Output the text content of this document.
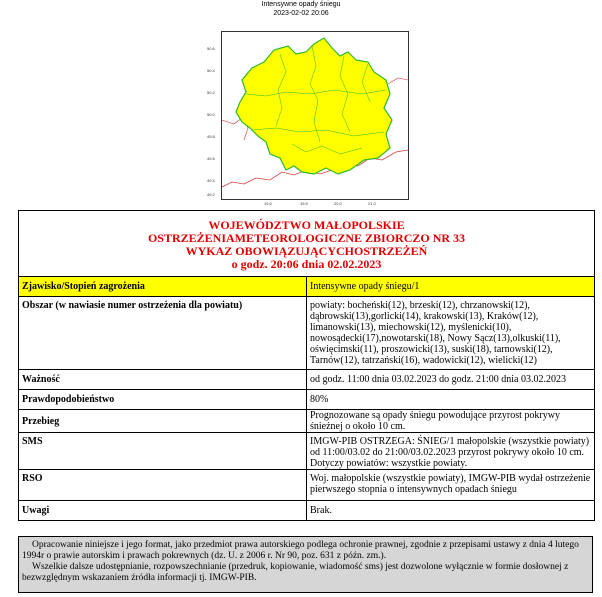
Intensywne opady śniegu
2023-02-02 20:06
50.6
50.4
50.2
50.0
49.8
49.6
49.4
49.2
19.0	19.5	20.0	21.0
WOJEWÓDZTWO MAŁOPOLSKIE
OSTRZEŻENIAMETEOROLOGICZNE ZBIORCZO NR 33
WYKAZ OBOWIĄZUJĄCYCHOSTRZEŻEŃ
o godz. 20:06 dnia 02.02.2023	

Zjawisko/Stopień zagrożenia	Intensywne opady śniegu/1
Obszar (w nawiasie numer ostrzeżenia dla powiatu)	powiaty: bocheński(12), brzeski(12), chrzanowski(12), dąbrowski(13),gorlicki(14), krakowski(13), Kraków(12), limanowski(13), miechowski(12), myślenicki(10), nowosądecki(17),nowotarski(18), Nowy Sącz(13),olkuski(11), oświęcimski(11), proszowicki(13), suski(18), tarnowski(12), Tarnów(12), tatrzański(16), wadowicki(12), wielicki(12)
Ważność	od godz. 11:00 dnia 03.02.2023 do godz. 21:00 dnia 03.02.2023
Prawdopodobieństwo	80%
Przebieg	Prognozowane są opady śniegu powodujące przyrost pokrywy śnieżnej o około 10 cm.
SMS	IMGW-PIB OSTRZEGA: ŚNIEG/1 małopolskie (wszystkie powiaty) od 11:00/03.02 do 21:00/03.02.2023 przyrost pokrywy około 10 cm. Dotyczy powiatów: wszystkie powiaty.
RSO	Woj. małopolskie (wszystkie powiaty), IMGW-PIB wydał ostrzeżenie pierwszego stopnia o intensywnych opadach śniegu
Uwagi	Brak.

Opracowanie niniejsze i jego format, jako przedmiot prawa autorskiego podlega ochronie prawnej, zgodnie z przepisami ustawy z dnia 4 lutego 1994r o prawie autorskim i prawach pokrewnych (dz. U. z 2006 r. Nr 90, poz. 631 z późn. zm.).

Wszelkie dalsze udostępnianie, rozpowszechnianie (przedruk, kopiowanie, wiadomość sms) jest dozwolone wyłącznie w formie dosłownej z bezwzględnym wskazaniem źródła informacji tj. IMGW-PIB.
